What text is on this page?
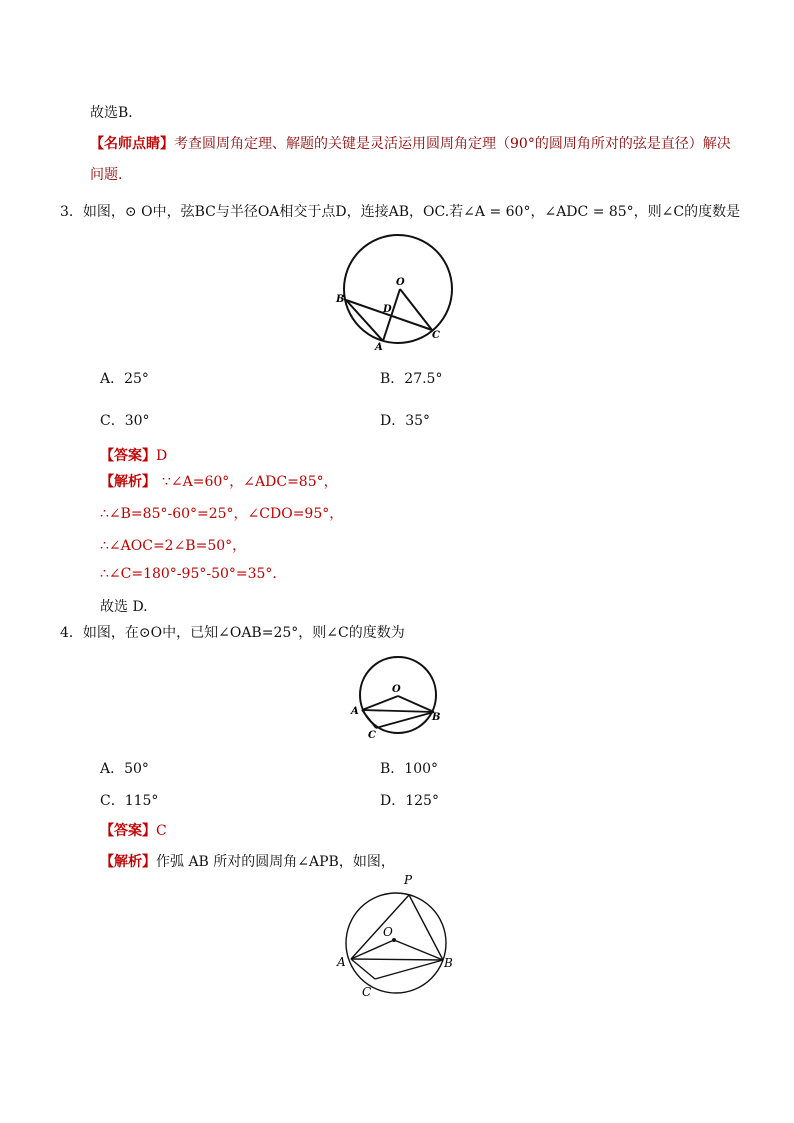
故选B．
【名师点睛】考查圆周角定理、解题的关键是灵活运用圆周角定理（90°的圆周角所对的弦是直径）解决
问题.
3．如图，⊙ O中，弦BC与半径OA相交于点D，连接AB，OC.若∠A = 60°，∠ADC = 85°，则∠C的度数是
O
B
D
A
C
A．25°	B．27.5°
C．30°	D．35°
【答案】D
【解析】 ∵∠A=60°，∠ADC=85°，
∴∠B=85°-60°=25°，∠CDO=95°，
∴∠AOC=2∠B=50°，
∴∠C=180°-95°-50°=35°.
故选 D.
4．如图，在⊙O中，已知∠OAB=25°，则∠C的度数为
O
A
B
C
A．50°	B．100°
C．115°	D．125°
【答案】C
【解析】作弧 AB 所对的圆周角∠APB，如图，
P
O
A	B
C
